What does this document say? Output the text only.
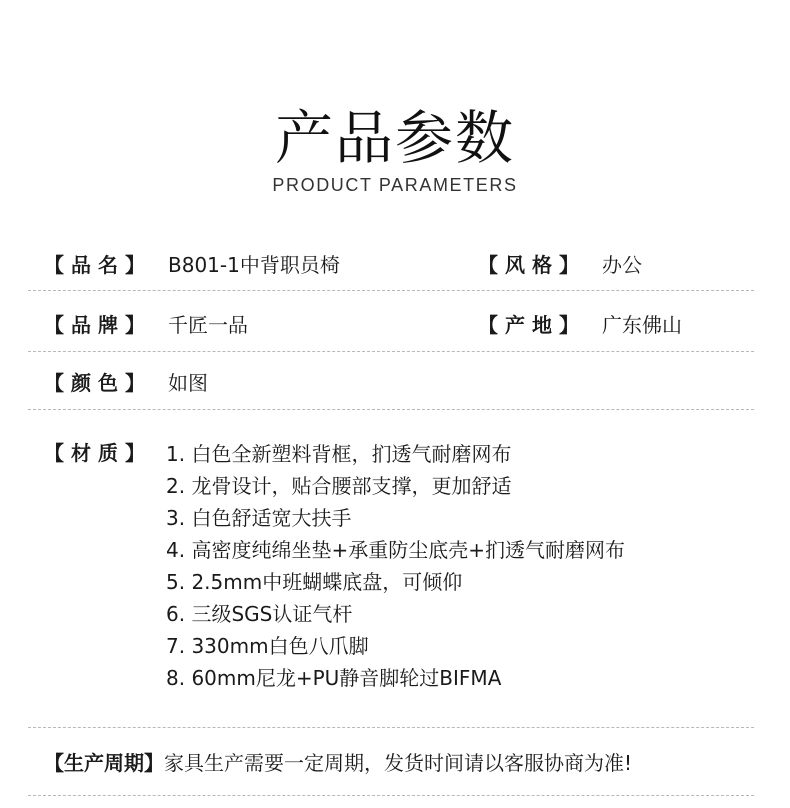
产品参数
PRODUCT PARAMETERS
【 品名】 B801-1中背职员椅	【 风格】 办公
【 品牌】 千匠一品	【 产地】 广东佛山
【 颜色】 如图
【 材质】 1. 白色全新塑料背框，扪透气耐磨网布
2. 龙骨设计，贴合腰部支撑，更加舒适
3. 白色舒适宽大扶手
4. 高密度纯绵坐垫+承重防尘底壳+扪透气耐磨网布
5. 2.5mm中班蝴蝶底盘，可倾仰
6. 三级SGS认证气杆
7. 330mm白色八爪脚
8. 60mm尼龙+PU静音脚轮过BIFMA
【生产周期】家具生产需要一定周期，发货时间请以客服协商为准!
